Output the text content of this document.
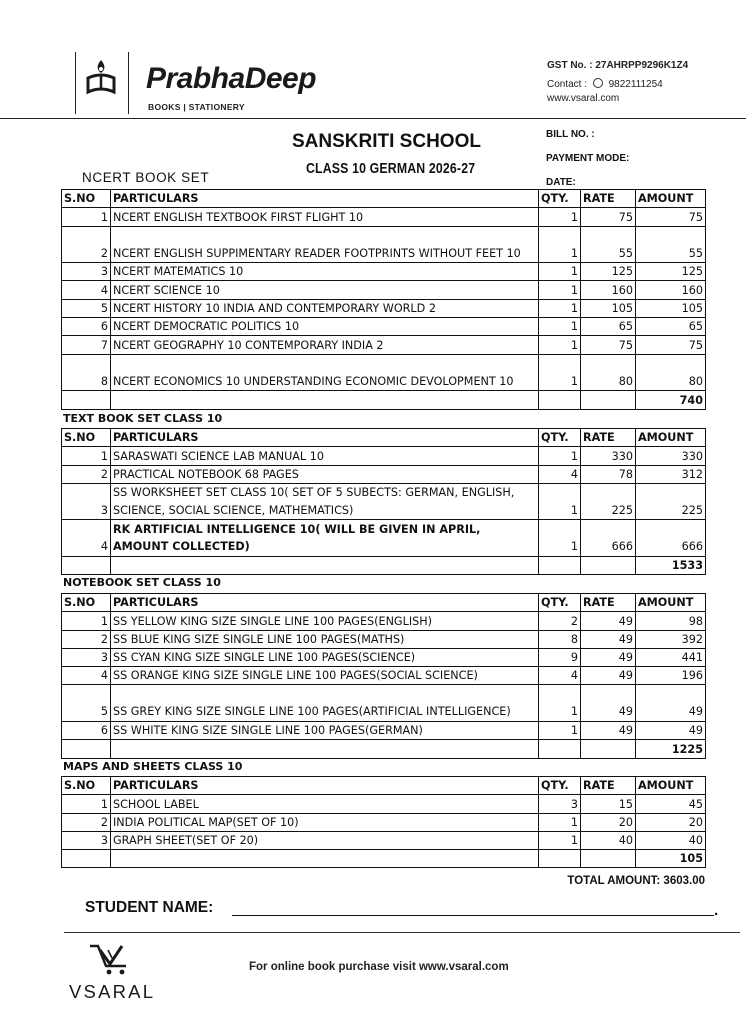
PrabhaDeep
BOOKS | STATIONERY
GST No. : 27AHRPP9296K1Z4
Contact : 9822111254
www.vsaral.com
SANSKRITI SCHOOL
CLASS 10 GERMAN 2026-27
BILL NO. :
PAYMENT MODE:
DATE:
NCERT BOOK SET
S.NO	PARTICULARS	QTY.	RATE	AMOUNT
1	NCERT ENGLISH TEXTBOOK FIRST FLIGHT 10	1	75	75
2	NCERT ENGLISH SUPPIMENTARY READER FOOTPRINTS WITHOUT FEET 10	1	55	55
3	NCERT MATEMATICS 10	1	125	125
4	NCERT SCIENCE 10	1	160	160
5	NCERT HISTORY 10 INDIA AND CONTEMPORARY WORLD 2	1	105	105
6	NCERT DEMOCRATIC POLITICS 10	1	65	65
7	NCERT GEOGRAPHY 10 CONTEMPORARY INDIA 2	1	75	75
8	NCERT ECONOMICS 10 UNDERSTANDING ECONOMIC DEVOLOPMENT 10	1	80	80
				740
TEXT BOOK SET CLASS 10
S.NO	PARTICULARS	QTY.	RATE	AMOUNT
1	SARASWATI SCIENCE LAB MANUAL 10	1	330	330
2	PRACTICAL NOTEBOOK 68 PAGES	4	78	312
3	SS WORKSHEET SET CLASS 10( SET OF 5 SUBECTS: GERMAN, ENGLISH, SCIENCE, SOCIAL SCIENCE, MATHEMATICS)	1	225	225
4	RK ARTIFICIAL INTELLIGENCE 10( WILL BE GIVEN IN APRIL, AMOUNT COLLECTED)	1	666	666
				1533
NOTEBOOK SET CLASS 10
S.NO	PARTICULARS	QTY.	RATE	AMOUNT
1	SS YELLOW KING SIZE SINGLE LINE 100 PAGES(ENGLISH)	2	49	98
2	SS BLUE KING SIZE SINGLE LINE 100 PAGES(MATHS)	8	49	392
3	SS CYAN KING SIZE SINGLE LINE 100 PAGES(SCIENCE)	9	49	441
4	SS ORANGE KING SIZE SINGLE LINE 100 PAGES(SOCIAL SCIENCE)	4	49	196
5	SS GREY KING SIZE SINGLE LINE 100 PAGES(ARTIFICIAL INTELLIGENCE)	1	49	49
6	SS WHITE KING SIZE SINGLE LINE 100 PAGES(GERMAN)	1	49	49
				1225
MAPS AND SHEETS CLASS 10
S.NO	PARTICULARS	QTY.	RATE	AMOUNT
1	SCHOOL LABEL	3	15	45
2	INDIA POLITICAL MAP(SET OF 10)	1	20	20
3	GRAPH SHEET(SET OF 20)	1	40	40
				105
TOTAL AMOUNT: 3603.00
STUDENT NAME:	.
VSARAL
For online book purchase visit www.vsaral.com
